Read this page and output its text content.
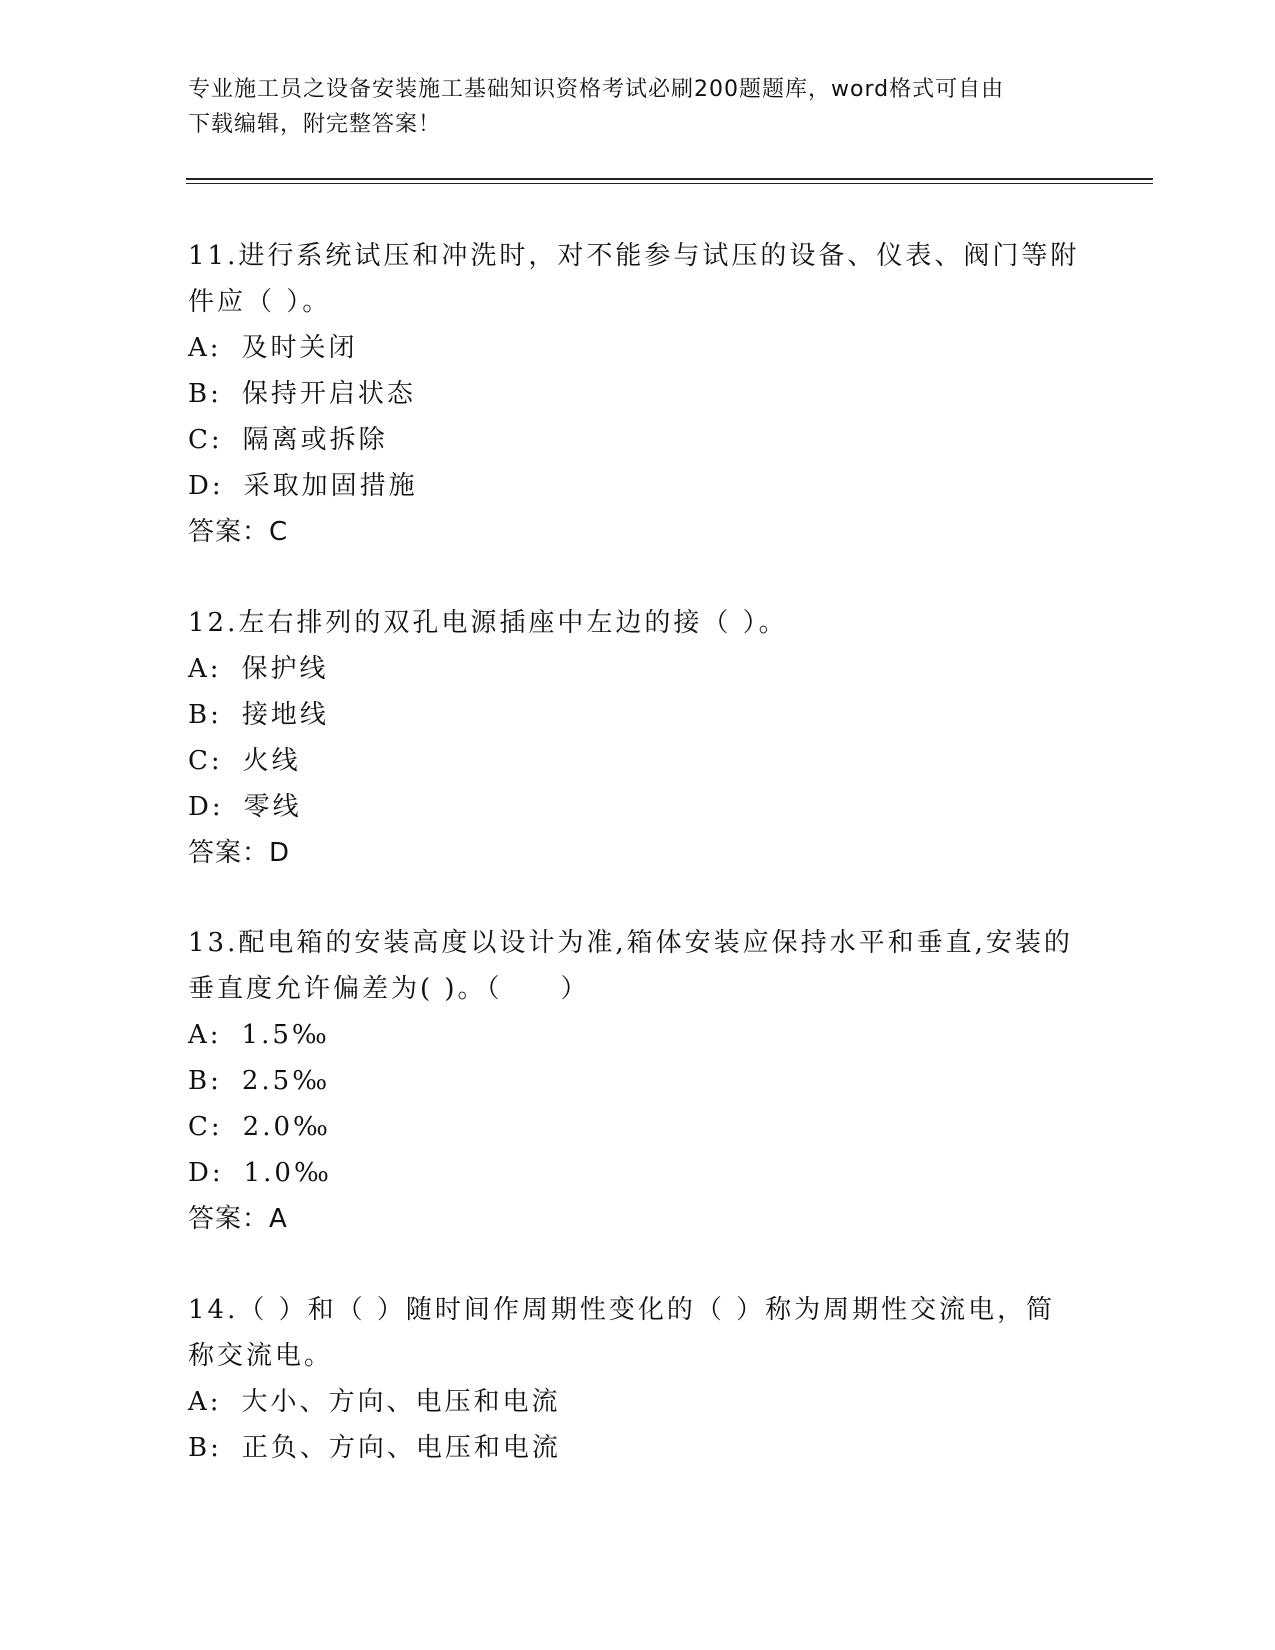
专业施工员之设备安装施工基础知识资格考试必刷200题题库，word格式可自由
下载编辑，附完整答案！

11.进行系统试压和冲洗时，对不能参与试压的设备、仪表、阀门等附
件应（ ）。

A: 及时关闭
B: 保持开启状态
C: 隔离或拆除
D: 采取加固措施
答案：C

12.左右排列的双孔电源插座中左边的接（ ）。

A: 保护线
B: 接地线
C: 火线
D: 零线
答案：D

13.配电箱的安装高度以设计为准,箱体安装应保持水平和垂直,安装的
垂直度允许偏差为( )。（　　）

A: 1.5‰
B: 2.5‰
C: 2.0‰
D: 1.0‰
答案：A

14.（ ）和（ ）随时间作周期性变化的（ ）称为周期性交流电，简
称交流电。

A: 大小、方向、电压和电流
B: 正负、方向、电压和电流
